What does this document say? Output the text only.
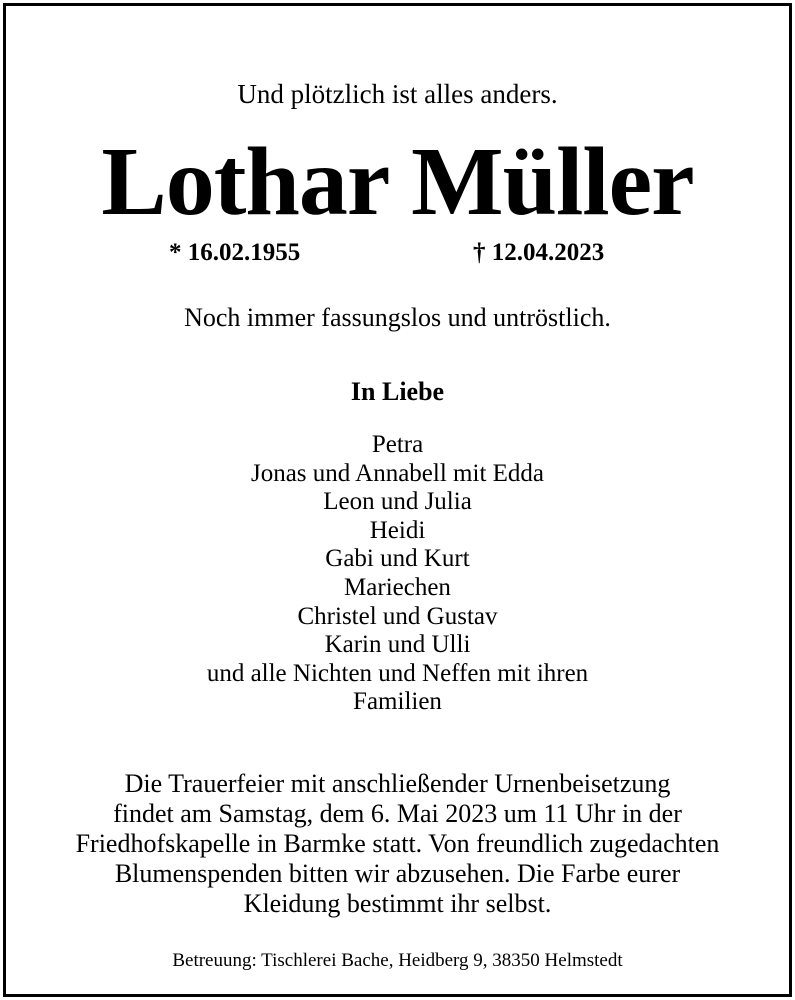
Und plötzlich ist alles anders.
Lothar Müller
* 16.02.1955	† 12.04.2023
Noch immer fassungslos und untröstlich.
In Liebe
Petra
Jonas und Annabell mit Edda
Leon und Julia
Heidi
Gabi und Kurt
Mariechen
Christel und Gustav
Karin und Ulli
und alle Nichten und Neffen mit ihren
Familien
Die Trauerfeier mit anschließender Urnenbeisetzung
findet am Samstag, dem 6. Mai 2023 um 11 Uhr in der
Friedhofskapelle in Barmke statt. Von freundlich zugedachten
Blumenspenden bitten wir abzusehen. Die Farbe eurer
Kleidung bestimmt ihr selbst.
Betreuung: Tischlerei Bache, Heidberg 9, 38350 Helmstedt
